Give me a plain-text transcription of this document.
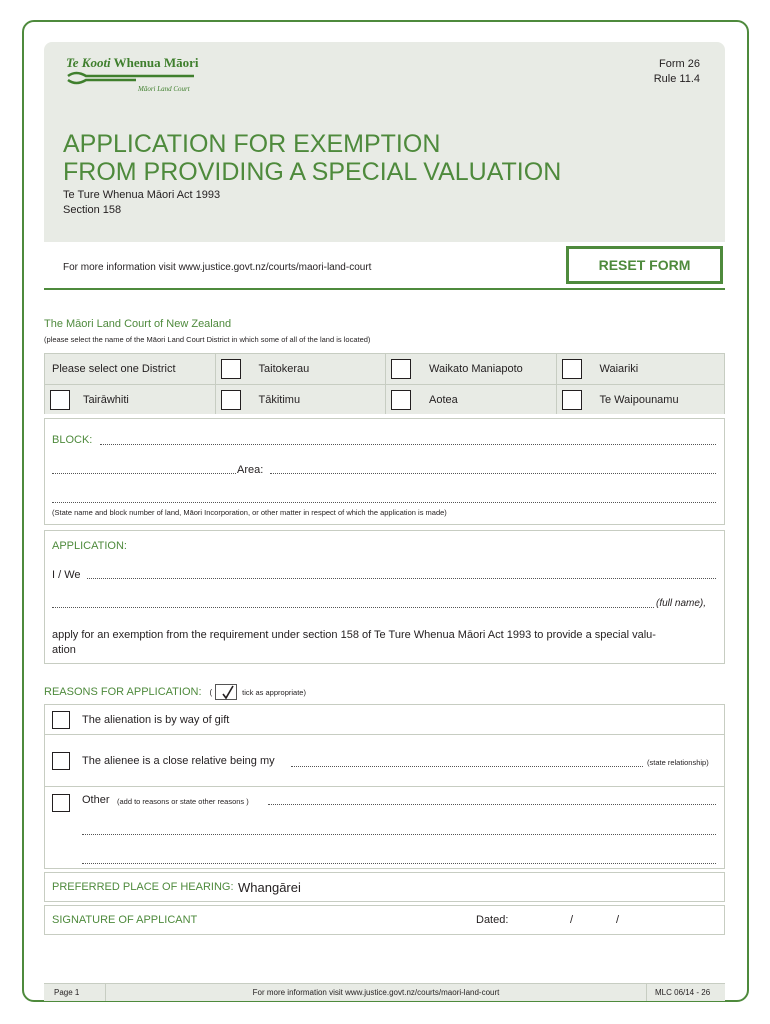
Te Kooti Whenua Māori
Māori Land Court
Form 26
Rule 11.4
APPLICATION FOR EXEMPTION
FROM PROVIDING A SPECIAL VALUATION
Te Ture Whenua Māori Act 1993
Section 158
For more information visit www.justice.govt.nz/courts/maori-land-court	RESET FORM
The Māori Land Court of New Zealand
(please select the name of the Māori Land Court District in which some of all of the land is located)
Please select one District	Taitokerau	Waikato Maniapoto	Waiariki
Tairāwhiti	Tākitimu	Aotea	Te Waipounamu
BLOCK:
Area:
(State name and block number of land, Māori Incorporation, or other matter in respect of which the application is made)
APPLICATION:
I / We
(full name),
apply for an exemption from the requirement under section 158 of Te Ture Whenua Māori Act 1993 to provide a special valu-
ation
REASONS FOR APPLICATION: (	tick as appropriate)
The alienation is by way of gift
The alienee is a close relative being my	(state relationship)
Other (add to reasons or state other reasons )
PREFERRED PLACE OF HEARING: Whangārei
SIGNATURE OF APPLICANT	Dated:	/	/
Page 1	For more information visit www.justice.govt.nz/courts/maori-land-court	MLC 06/14 - 26
